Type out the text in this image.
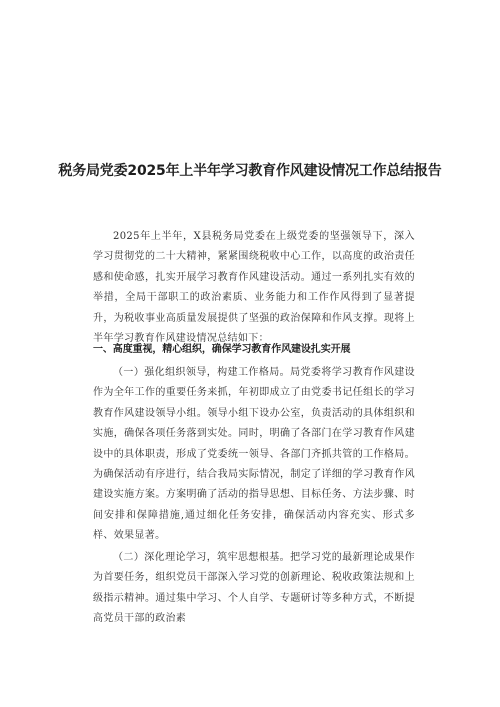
税务局党委2025年上半年学习教育作风建设情况工作总结报告
2025年上半年，X县税务局党委在上级党委的坚强领导下，深入学习贯彻党的二十大精神，紧紧围绕税收中心工作，以高度的政治责任感和使命感，扎实开展学习教育作风建设活动。通过一系列扎实有效的举措，全局干部职工的政治素质、业务能力和工作作风得到了显著提升，为税收事业高质量发展提供了坚强的政治保障和作风支撑。现将上半年学习教育作风建设情况总结如下：
一、高度重视，精心组织，确保学习教育作风建设扎实开展
（一）强化组织领导，构建工作格局。局党委将学习教育作风建设作为全年工作的重要任务来抓，年初即成立了由党委书记任组长的学习教育作风建设领导小组。领导小组下设办公室，负责活动的具体组织和实施，确保各项任务落到实处。同时，明确了各部门在学习教育作风建设中的具体职责，形成了党委统一领导、各部门齐抓共管的工作格局。为确保活动有序进行，结合我局实际情况，制定了详细的学习教育作风建设实施方案。方案明确了活动的指导思想、目标任务、方法步骤、时间安排和保障措施,通过细化任务安排，确保活动内容充实、形式多样、效果显著。
（二）深化理论学习，筑牢思想根基。把学习党的最新理论成果作为首要任务，组织党员干部深入学习党的创新理论、税收政策法规和上级指示精神。通过集中学习、个人自学、专题研讨等多种方式，不断提高党员干部的政治素
